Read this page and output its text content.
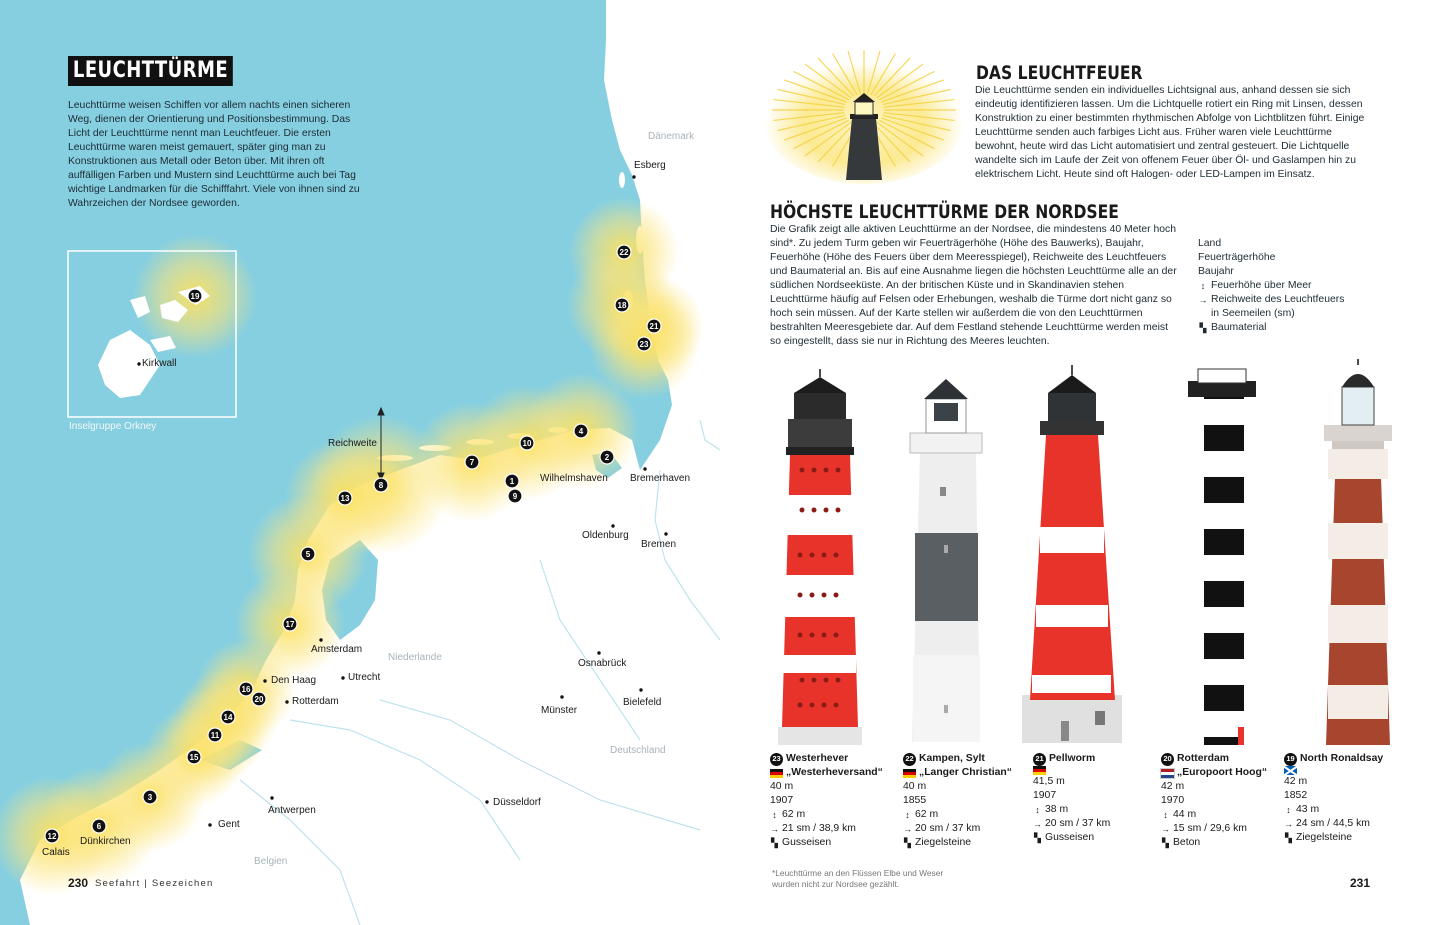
1
2
3
4
5
6
7
8
9
10
11
12
13
14
15
16
17
18
19
20
21
22
23
LEUCHTTÜRME

Leuchttürme weisen Schiffen vor allem nachts einen sicheren Weg, dienen der Orientierung und Positionsbestimmung. Das Licht der Leuchttürme nennt man Leuchtfeuer. Die ersten Leuchttürme waren meist gemauert, später ging man zu Konstruktionen aus Metall oder Beton über. Mit ihren oft auffälligen Farben und Mustern sind Leuchttürme auch bei Tag wichtige Landmarken für die Schifffahrt. Viele von ihnen sind zu Wahrzeichen der Nordsee geworden.

Dänemark
Esberg
Kirkwall
Inselgruppe Orkney
Reichweite
Wilhelmshaven Bremerhaven
Oldenburg
Bremen
Amsterdam
Niederlande
Osnabrück
Den Haag	Utrecht
Rotterdam	Bielefeld
Münster
Deutschland
Düsseldorf
Antwerpen
Gent
Dünkirchen
Calais
Belgien
230 Seefahrt | Seezeichen
DAS LEUCHTFEUER

Die Leuchttürme senden ein individuelles Lichtsignal aus, anhand dessen sie sich eindeutig identifizieren lassen. Um die Lichtquelle rotiert ein Ring mit Linsen, dessen Konstruktion zu einer bestimmten rhythmischen Abfolge von Lichtblitzen führt. Einige Leuchttürme senden auch farbiges Licht aus. Früher waren viele Leuchttürme bewohnt, heute wird das Licht automatisiert und zentral gesteuert. Die Lichtquelle wandelte sich im Laufe der Zeit von offenem Feuer über Öl- und Gaslampen hin zu elektrischem Licht. Heute sind oft Halogen- oder LED-Lampen im Einsatz.

HÖCHSTE LEUCHTTÜRME DER NORDSEE

Die Grafik zeigt alle aktiven Leuchttürme an der Nordsee, die mindestens 40 Meter hoch sind*. Zu jedem Turm geben wir Feuerträgerhöhe (Höhe des Bauwerks), Baujahr, Feuerhöhe (Höhe des Feuers über dem Meeresspiegel), Reichweite des Leuchtfeuers und Baumaterial an. Bis auf eine Ausnahme liegen die höchsten Leuchttürme alle an der südlichen Nordseeküste. An der britischen Küste und in Skandinavien stehen Leuchttürme häufig auf Felsen oder Erhebungen, weshalb die Türme dort nicht ganz so hoch sein müssen. Auf der Karte stellen wir außerdem die von den Leuchttürmen bestrahlten Meeresgebiete dar. Auf dem Festland stehende Leuchttürme werden meist so eingestellt, dass sie nur in Richtung des Meeres leuchten.

Land
Feuerträgerhöhe
Baujahr
↕ Feuerhöhe über Meer
→ Reichweite des Leuchtfeuers
in Seemeilen (sm)
▚ Baumaterial
23 Westerhever
„Westerheversand“
40 m
1907
↕ 62 m
→ 21 sm / 38,9 km
▚ Gusseisen
22 Kampen, Sylt
„Langer Christian“
40 m
1855
↕ 62 m
→ 20 sm / 37 km
▚ Ziegelsteine
21 Pellworm
41,5 m
1907
↕ 38 m
→ 20 sm / 37 km
▚ Gusseisen
20 Rotterdam
„Europoort Hoog“
42 m
1970
↕ 44 m
→ 15 sm / 29,6 km
▚ Beton
19 North Ronaldsay
42 m
1852
↕ 43 m
→ 24 sm / 44,5 km
▚ Ziegelsteine

*Leuchttürme an den Flüssen Elbe und Weser wurden nicht zur Nordsee gezählt.	231
